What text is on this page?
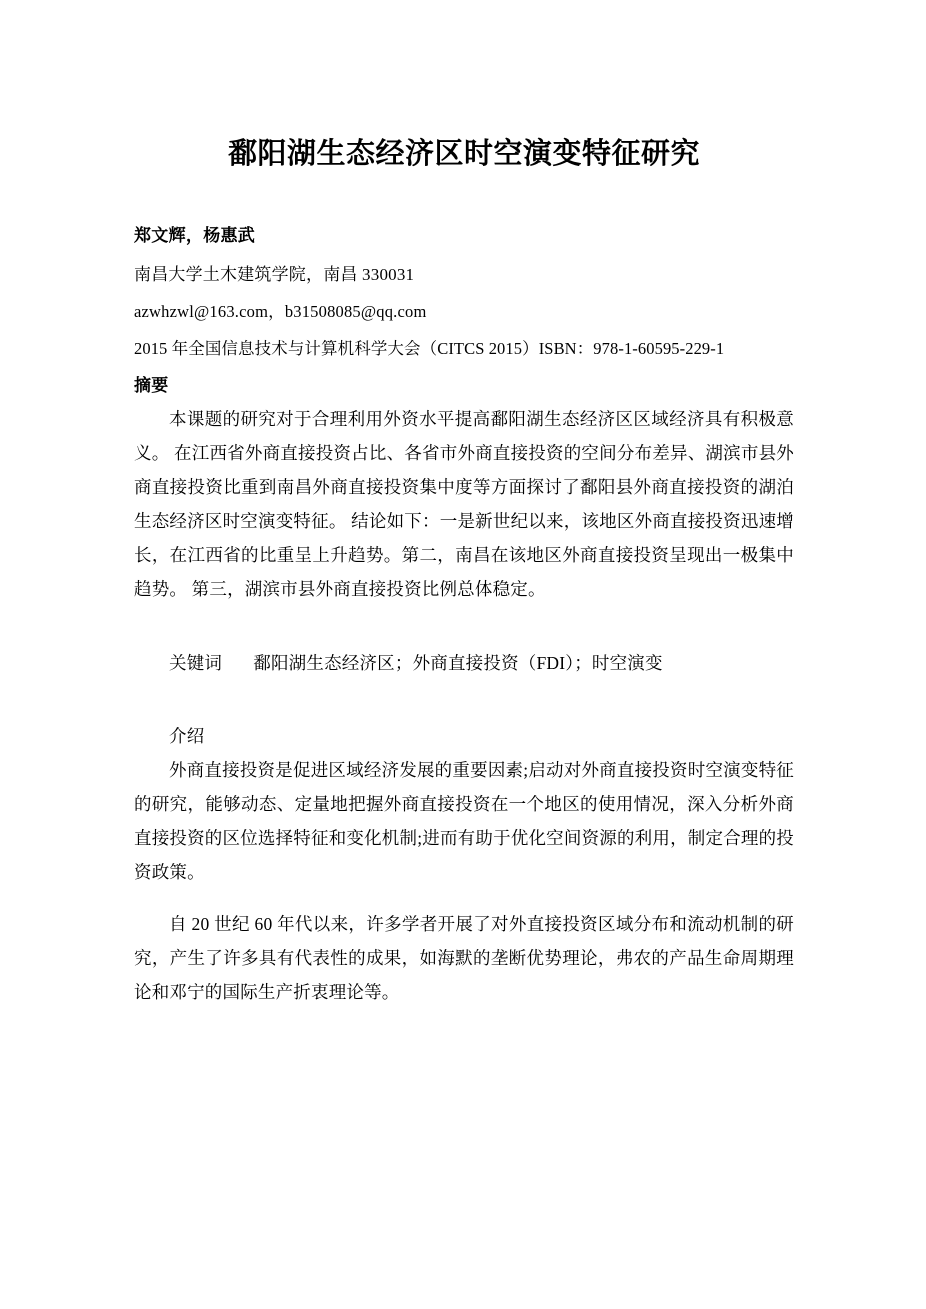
鄱阳湖生态经济区时空演变特征研究
郑文辉，杨惠武
南昌大学土木建筑学院，南昌 330031
azwhzwl@163.com，b31508085@qq.com
2015 年全国信息技术与计算机科学大会（CITCS 2015）ISBN：978-1-60595-229-1
摘要

本课题的研究对于合理利用外资水平提高鄱阳湖生态经济区区域经济具有积极意义。 在江西省外商直接投资占比、各省市外商直接投资的空间分布差异、湖滨市县外商直接投资比重到南昌外商直接投资集中度等方面探讨了鄱阳县外商直接投资的湖泊生态经济区时空演变特征。 结论如下：一是新世纪以来，该地区外商直接投资迅速增长，在江西省的比重呈上升趋势。第二，南昌在该地区外商直接投资呈现出一极集中趋势。 第三，湖滨市县外商直接投资比例总体稳定。

关键词 鄱阳湖生态经济区；外商直接投资（FDI）；时空演变
介绍

外商直接投资是促进区域经济发展的重要因素;启动对外商直接投资时空演变特征的研究，能够动态、定量地把握外商直接投资在一个地区的使用情况，深入分析外商直接投资的区位选择特征和变化机制;进而有助于优化空间资源的利用，制定合理的投资政策。

自 20 世纪 60 年代以来，许多学者开展了对外直接投资区域分布和流动机制的研究，产生了许多具有代表性的成果，如海默的垄断优势理论，弗农的产品生命周期理论和邓宁的国际生产折衷理论等。
